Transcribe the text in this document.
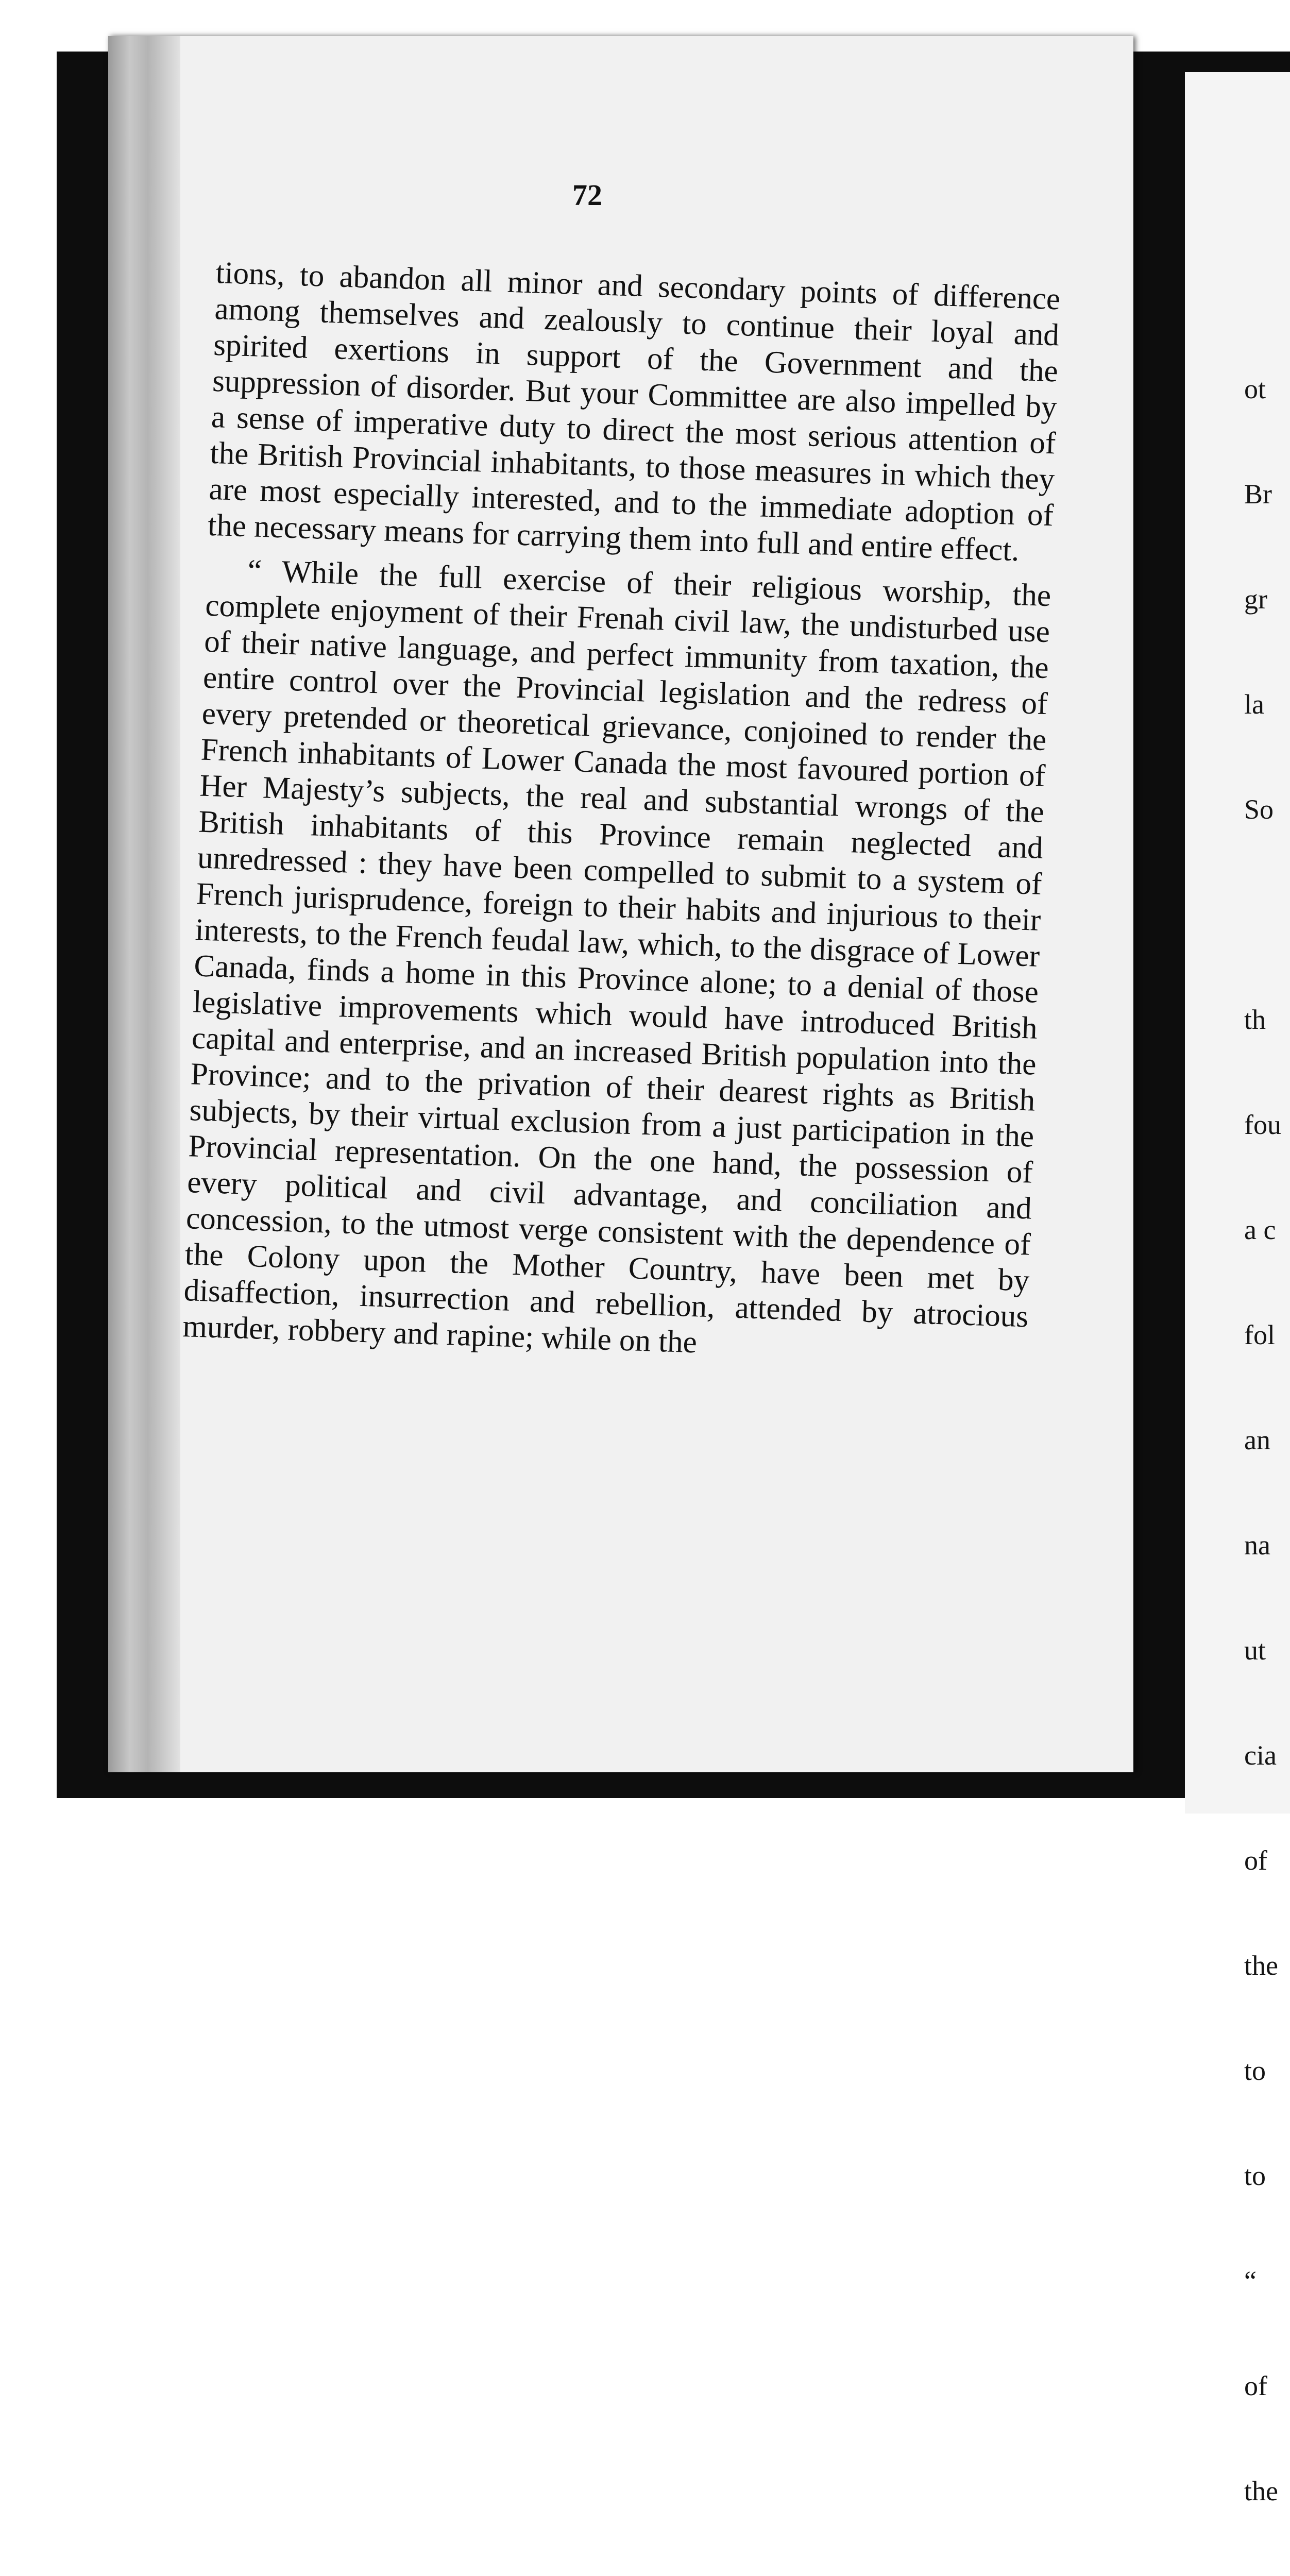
ot

Br

gr

la

So

th

fou

a c

fol

an

na

ut

cia

of

the

to

to

“

of

the

72

tions, to abandon all minor and secondary points of difference among themselves and zealously to continue their loyal and spirited exertions in support of the Government and the suppression of disorder. But your Committee are also impelled by a sense of imperative duty to direct the most serious attention of the British Provincial inhabitants, to those measures in which they are most especially interested, and to the immediate adoption of the necessary means for carrying them into full and entire effect.

“ While the full exercise of their religious worship, the complete enjoyment of their Frenah civil law, the undisturbed use of their native language, and perfect immunity from taxation, the entire control over the Provincial legislation and the redress of every pretended or theoretical grievance, conjoined to render the French inhabitants of Lower Canada the most favoured portion of Her Majesty’s subjects, the real and substantial wrongs of the British inhabitants of this Province remain neglected and unredressed : they have been compelled to submit to a system of French jurisprudence, foreign to their habits and injurious to their interests, to the French feudal law, which, to the disgrace of Lower Canada, finds a home in this Province alone; to a denial of those legislative improvements which would have introduced British capital and enterprise, and an increased British population into the Province; and to the privation of their dearest rights as British subjects, by their virtual exclusion from a just participation in the Provincial representation. On the one hand, the possession of every political and civil advantage, and conciliation and concession, to the utmost verge consistent with the dependence of the Colony upon the Mother Country, have been met by disaffection, insurrection and rebellion, attended by atrocious murder, robbery and rapine; while on the
